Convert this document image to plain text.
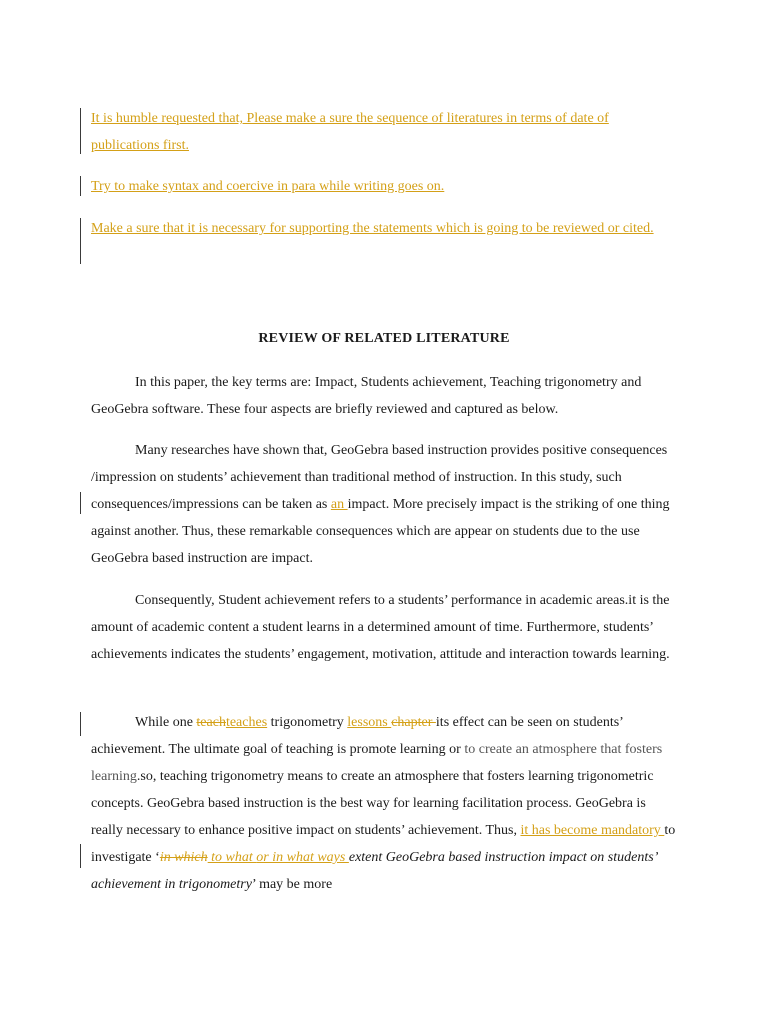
It is humble requested that, Please make a sure the sequence of literatures in terms of date of publications first.
Try to make syntax and coercive in para while writing goes on.
Make a sure that it is necessary for supporting the statements which is going to be reviewed or cited.
REVIEW OF RELATED LITERATURE
In this paper, the key terms are: Impact, Students achievement, Teaching trigonometry and GeoGebra software. These four aspects are briefly reviewed and captured as below.
Many researches have shown that, GeoGebra based instruction provides positive consequences /impression on students’ achievement than traditional method of instruction. In this study, such consequences/impressions can be taken as an impact. More precisely impact is the striking of one thing against another. Thus, these remarkable consequences which are appear on students due to the use GeoGebra based instruction are impact.
Consequently, Student achievement refers to a students’ performance in academic areas.it is the amount of academic content a student learns in a determined amount of time. Furthermore, students’ achievements indicates the students’ engagement, motivation, attitude and interaction towards learning.
While one teachteaches trigonometry lessons chapter its effect can be seen on students’ achievement. The ultimate goal of teaching is promote learning or to create an atmosphere that fosters learning.so, teaching trigonometry means to create an atmosphere that fosters learning trigonometric concepts. GeoGebra based instruction is the best way for learning facilitation process. GeoGebra is really necessary to enhance positive impact on students’ achievement. Thus, it has become mandatory to investigate ‘in which to what or in what ways extent GeoGebra based instruction impact on students’ achievement in trigonometry’ may be more
